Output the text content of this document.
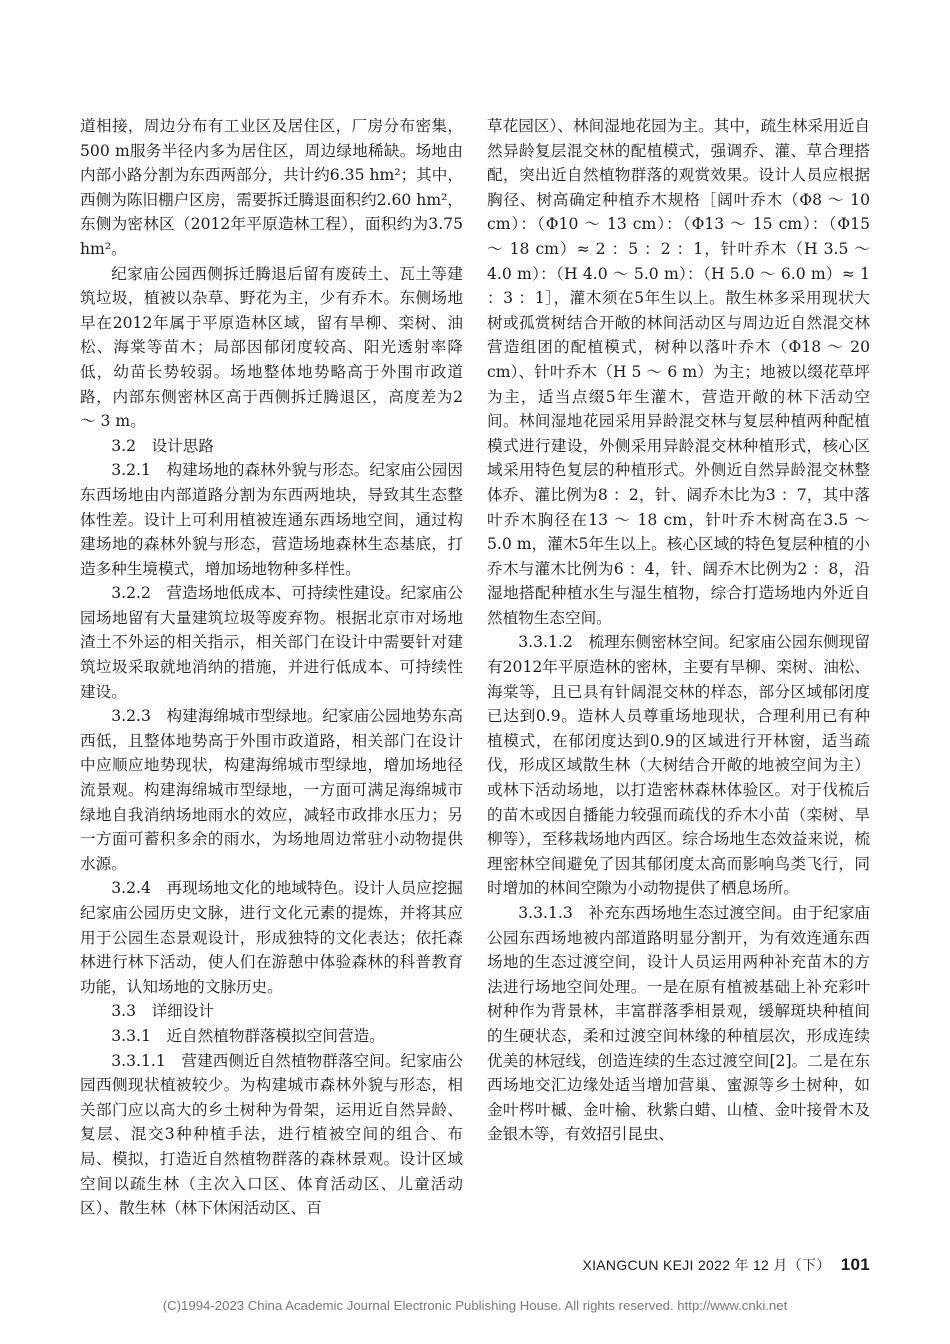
道相接，周边分布有工业区及居住区，厂房分布密集，500 m服务半径内多为居住区，周边绿地稀缺。场地由内部小路分割为东西两部分，共计约6.35 hm²；其中，西侧为陈旧棚户区房，需要拆迁腾退面积约2.60 hm²，东侧为密林区（2012年平原造林工程），面积约为3.75 hm²。

纪家庙公园西侧拆迁腾退后留有废砖土、瓦土等建筑垃圾，植被以杂草、野花为主，少有乔木。东侧场地早在2012年属于平原造林区域，留有旱柳、栾树、油松、海棠等苗木；局部因郁闭度较高、阳光透射率降低，幼苗长势较弱。场地整体地势略高于外围市政道路，内部东侧密林区高于西侧拆迁腾退区，高度差为2 ～ 3 m。

3.2　设计思路

3.2.1　构建场地的森林外貌与形态。纪家庙公园因东西场地由内部道路分割为东西两地块，导致其生态整体性差。设计上可利用植被连通东西场地空间，通过构建场地的森林外貌与形态，营造场地森林生态基底，打造多种生境模式，增加场地物种多样性。

3.2.2　营造场地低成本、可持续性建设。纪家庙公园场地留有大量建筑垃圾等废弃物。根据北京市对场地渣土不外运的相关指示，相关部门在设计中需要针对建筑垃圾采取就地消纳的措施，并进行低成本、可持续性建设。

3.2.3　构建海绵城市型绿地。纪家庙公园地势东高西低，且整体地势高于外围市政道路，相关部门在设计中应顺应地势现状，构建海绵城市型绿地，增加场地径流景观。构建海绵城市型绿地，一方面可满足海绵城市绿地自我消纳场地雨水的效应，减轻市政排水压力；另一方面可蓄积多余的雨水，为场地周边常驻小动物提供水源。

3.2.4　再现场地文化的地域特色。设计人员应挖掘纪家庙公园历史文脉，进行文化元素的提炼，并将其应用于公园生态景观设计，形成独特的文化表达；依托森林进行林下活动，使人们在游憩中体验森林的科普教育功能，认知场地的文脉历史。

3.3　详细设计

3.3.1　近自然植物群落模拟空间营造。

3.3.1.1　营建西侧近自然植物群落空间。纪家庙公园西侧现状植被较少。为构建城市森林外貌与形态，相关部门应以高大的乡土树种为骨架，运用近自然异龄、复层、混交3种种植手法，进行植被空间的组合、布局、模拟，打造近自然植物群落的森林景观。设计区域空间以疏生林（主次入口区、体育活动区、儿童活动区）、散生林（林下休闲活动区、百

草花园区）、林间湿地花园为主。其中，疏生林采用近自然异龄复层混交林的配植模式，强调乔、灌、草合理搭配，突出近自然植物群落的观赏效果。设计人员应根据胸径、树高确定种植乔木规格［阔叶乔木（Φ8 ～ 10 cm）：（Φ10 ～ 13 cm）：（Φ13 ～ 15 cm）：（Φ15 ～ 18 cm）≈ 2 ：5 ：2 ：1，针叶乔木（H 3.5 ～ 4.0 m）：（H 4.0 ～ 5.0 m）：（H 5.0 ～ 6.0 m）≈ 1 ：3 ：1］，灌木须在5年生以上。散生林多采用现状大树或孤赏树结合开敞的林间活动区与周边近自然混交林营造组团的配植模式，树种以落叶乔木（Φ18 ～ 20 cm）、针叶乔木（H 5 ～ 6 m）为主；地被以缀花草坪为主，适当点缀5年生灌木，营造开敞的林下活动空间。林间湿地花园采用异龄混交林与复层种植两种配植模式进行建设，外侧采用异龄混交林种植形式，核心区域采用特色复层的种植形式。外侧近自然异龄混交林整体乔、灌比例为8 ：2，针、阔乔木比为3 ：7，其中落叶乔木胸径在13 ～ 18 cm，针叶乔木树高在3.5 ～ 5.0 m，灌木5年生以上。核心区域的特色复层种植的小乔木与灌木比例为6 ：4，针、阔乔木比例为2 ：8，沿湿地搭配种植水生与湿生植物，综合打造场地内外近自然植物生态空间。

3.3.1.2　梳理东侧密林空间。纪家庙公园东侧现留有2012年平原造林的密林，主要有旱柳、栾树、油松、海棠等，且已具有针阔混交林的样态，部分区域郁闭度已达到0.9。造林人员尊重场地现状，合理利用已有种植模式，在郁闭度达到0.9的区域进行开林窗，适当疏伐，形成区域散生林（大树结合开敞的地被空间为主）或林下活动场地，以打造密林森林体验区。对于伐梳后的苗木或因自播能力较强而疏伐的乔木小苗（栾树、旱柳等），至移栽场地内西区。综合场地生态效益来说，梳理密林空间避免了因其郁闭度太高而影响鸟类飞行，同时增加的林间空隙为小动物提供了栖息场所。

3.3.1.3　补充东西场地生态过渡空间。由于纪家庙公园东西场地被内部道路明显分割开，为有效连通东西场地的生态过渡空间，设计人员运用两种补充苗木的方法进行场地空间处理。一是在原有植被基础上补充彩叶树种作为背景林，丰富群落季相景观，缓解斑块种植间的生硬状态，柔和过渡空间林缘的种植层次，形成连续优美的林冠线，创造连续的生态过渡空间[2]。二是在东西场地交汇边缘处适当增加营巢、蜜源等乡土树种，如金叶梣叶槭、金叶榆、秋紫白蜡、山楂、金叶接骨木及金银木等，有效招引昆虫、

XIANGCUN KEJI 2022 年 12 月（下） 101
(C)1994-2023 China Academic Journal Electronic Publishing House. All rights reserved. http://www.cnki.net
